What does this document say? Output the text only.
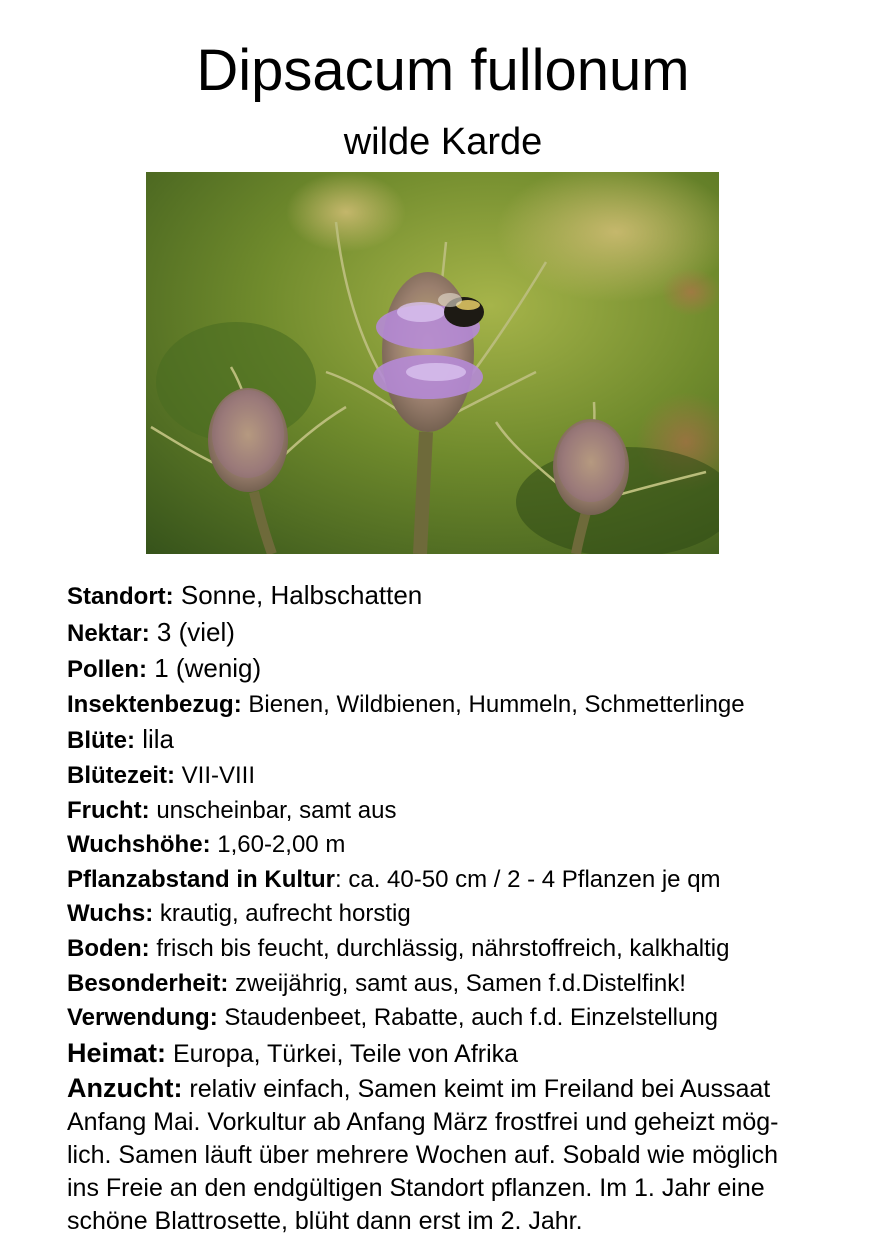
Dipsacum fullonum
wilde Karde
Standort: Sonne, Halbschatten
Nektar: 3 (viel)
Pollen: 1 (wenig)
Insektenbezug: Bienen, Wildbienen, Hummeln, Schmetterlinge
Blüte: lila
Blütezeit: VII-VIII
Frucht: unscheinbar, samt aus
Wuchshöhe: 1,60-2,00 m
Pflanzabstand in Kultur: ca. 40-50 cm / 2 - 4 Pflanzen je qm
Wuchs: krautig, aufrecht horstig
Boden: frisch bis feucht, durchlässig, nährstoffreich, kalkhaltig
Besonderheit: zweijährig, samt aus, Samen f.d.Distelfink!
Verwendung: Staudenbeet, Rabatte, auch f.d. Einzelstellung
Heimat: Europa, Türkei, Teile von Afrika
Anzucht: relativ einfach, Samen keimt im Freiland bei Aussaat
Anfang Mai. Vorkultur ab Anfang März frostfrei und geheizt mög-
lich. Samen läuft über mehrere Wochen auf. Sobald wie möglich
ins Freie an den endgültigen Standort pflanzen. Im 1. Jahr eine
schöne Blattrosette, blüht dann erst im 2. Jahr.
